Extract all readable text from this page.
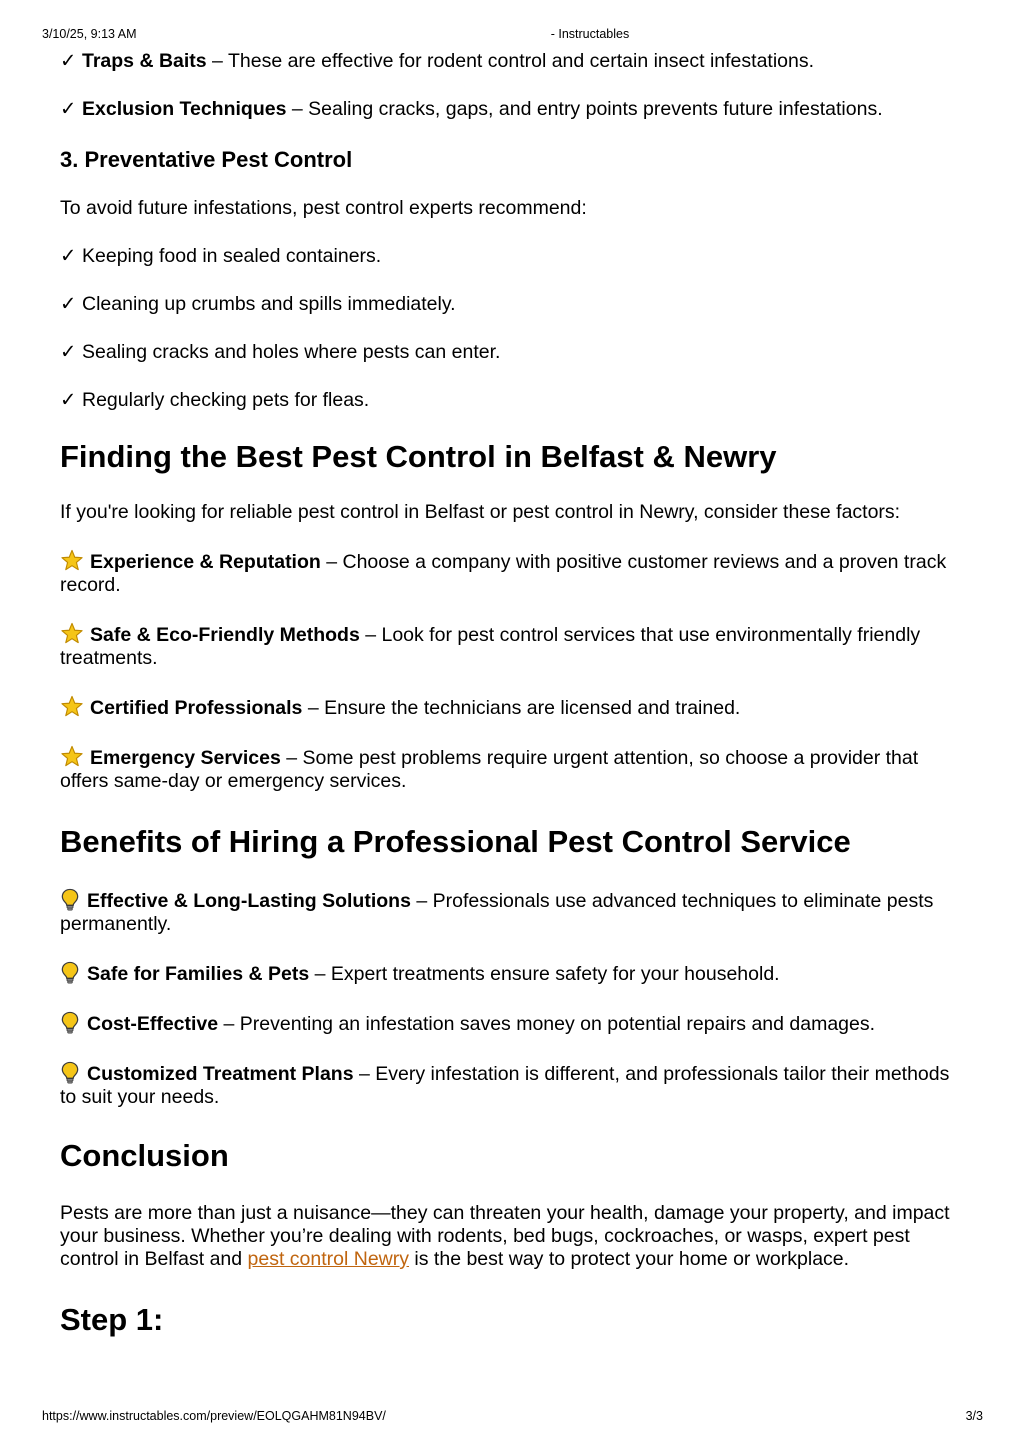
3/10/25, 9:13 AM	- Instructables

✓ Traps & Baits – These are effective for rodent control and certain insect infestations.

✓ Exclusion Techniques – Sealing cracks, gaps, and entry points prevents future infestations.

3. Preventative Pest Control

To avoid future infestations, pest control experts recommend:

✓ Keeping food in sealed containers.

✓ Cleaning up crumbs and spills immediately.

✓ Sealing cracks and holes where pests can enter.

✓ Regularly checking pets for fleas.

Finding the Best Pest Control in Belfast & Newry

If you're looking for reliable pest control in Belfast or pest control in Newry, consider these factors:

Experience & Reputation – Choose a company with positive customer reviews and a proven track record.

Safe & Eco-Friendly Methods – Look for pest control services that use environmentally friendly treatments.

Certified Professionals – Ensure the technicians are licensed and trained.

Emergency Services – Some pest problems require urgent attention, so choose a provider that offers same-day or emergency services.

Benefits of Hiring a Professional Pest Control Service

Effective & Long-Lasting Solutions – Professionals use advanced techniques to eliminate pests permanently.

Safe for Families & Pets – Expert treatments ensure safety for your household.

Cost-Effective – Preventing an infestation saves money on potential repairs and damages.

Customized Treatment Plans – Every infestation is different, and professionals tailor their methods to suit your needs.

Conclusion

Pests are more than just a nuisance—they can threaten your health, damage your property, and impact your business. Whether you’re dealing with rodents, bed bugs, cockroaches, or wasps, expert pest control in Belfast and pest control Newry is the best way to protect your home or workplace.

Step 1:
https://www.instructables.com/preview/EOLQGAHM81N94BV/	3/3
